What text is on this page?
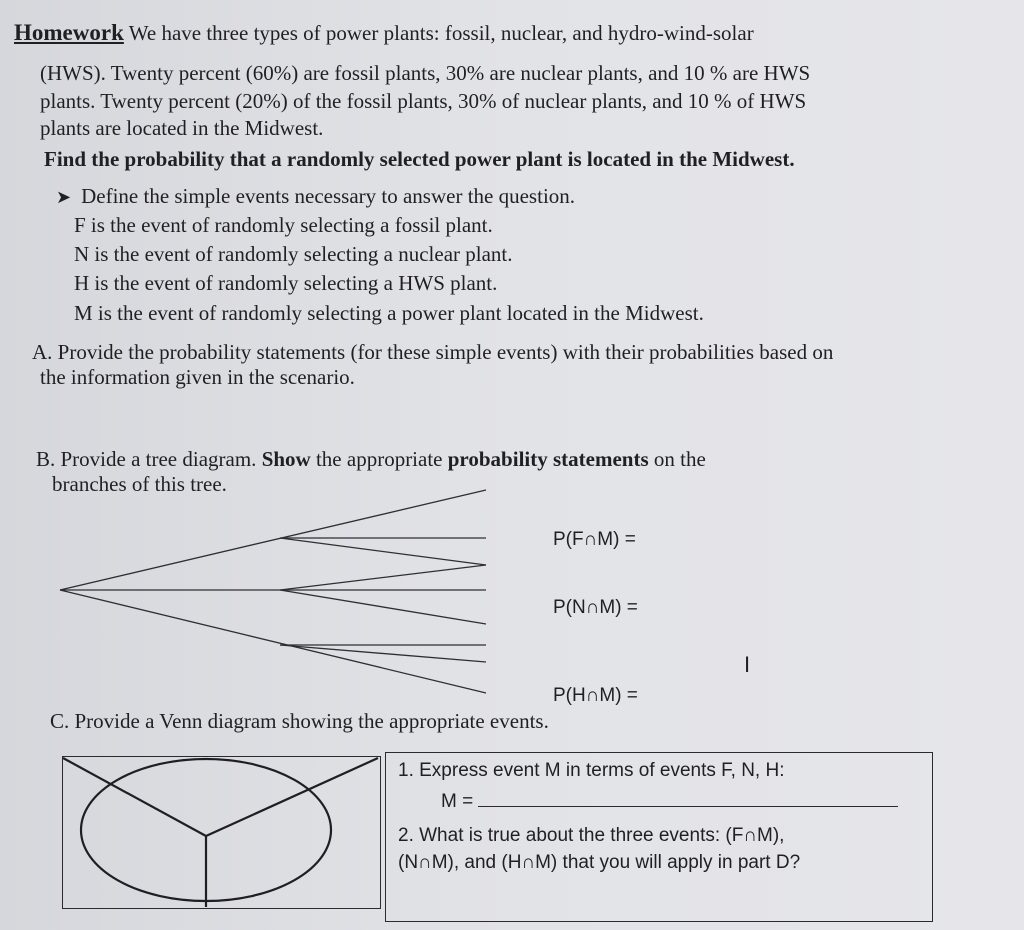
Homework We have three types of power plants: fossil, nuclear, and hydro-wind-solar
(HWS). Twenty percent (60%) are fossil plants, 30% are nuclear plants, and 10 % are HWS
plants. Twenty percent (20%) of the fossil plants, 30% of nuclear plants, and 10 % of HWS
plants are located in the Midwest.
Find the probability that a randomly selected power plant is located in the Midwest.
➤ Define the simple events necessary to answer the question.
F is the event of randomly selecting a fossil plant.
N is the event of randomly selecting a nuclear plant.
H is the event of randomly selecting a HWS plant.
M is the event of randomly selecting a power plant located in the Midwest.
A. Provide the probability statements (for these simple events) with their probabilities based on
the information given in the scenario.
B. Provide a tree diagram. Show the appropriate probability statements on the
branches of this tree.
P(F∩M) =
P(N∩M) =
P(H∩M) =
I
C. Provide a Venn diagram showing the appropriate events.
1. Express event M in terms of events F, N, H:
M =
2. What is true about the three events: (F∩M),
(N∩M), and (H∩M) that you will apply in part D?
